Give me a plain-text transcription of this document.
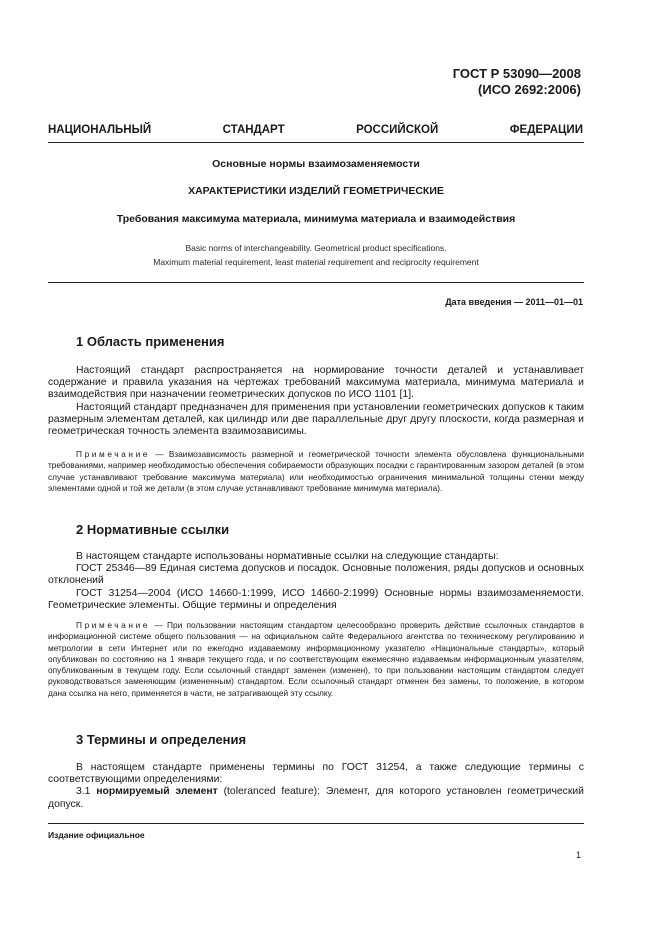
ГОСТ Р 53090—2008
(ИСО 2692:2006)
НАЦИОНАЛЬНЫЙ	СТАНДАРТ	РОССИЙСКОЙ	ФЕДЕРАЦИИ
Основные нормы взаимозаменяемости
ХАРАКТЕРИСТИКИ ИЗДЕЛИЙ ГЕОМЕТРИЧЕСКИЕ
Требования максимума материала, минимума материала и взаимодействия
Basic norms of interchangeability. Geometrical product specifications.
Maximum material requirement, least material requirement and reciprocity requirement
Дата введения — 2011—01—01
1 Область применения

Настоящий стандарт распространяется на нормирование точности деталей и устанавливает содержание и правила указания на чертежах требований максимума материала, минимума материала и взаимодействия при назначении геометрических допусков по ИСО 1101 [1].

Настоящий стандарт предназначен для применения при установлении геометрических допусков к таким размерным элементам деталей, как цилиндр или две параллельные друг другу плоскости, когда размерная и геометрическая точность элемента взаимозависимы.

Примечание — Взаимозависимость размерной и геометрической точности элемента обусловлена функциональными требованиями, например необходимостью обеспечения собираемости образующих посадки с гарантированным зазором деталей (в этом случае устанавливают требование максимума материала) или необходимостью ограничения минимальной толщины стенки между элементами одной и той же детали (в этом случае устанавливают требование минимума материала).

2 Нормативные ссылки

В настоящем стандарте использованы нормативные ссылки на следующие стандарты:

ГОСТ 25346—89 Единая система допусков и посадок. Основные положения, ряды допусков и основных отклонений

ГОСТ 31254—2004 (ИСО 14660-1:1999, ИСО 14660-2:1999) Основные нормы взаимозаменяемости. Геометрические элементы. Общие термины и определения

Примечание — При пользовании настоящим стандартом целесообразно проверить действие ссылочных стандартов в информационной системе общего пользования — на официальном сайте Федерального агентства по техническому регулированию и метрологии в сети Интернет или по ежегодно издаваемому информационному указателю «Национальные стандарты», который опубликован по состоянию на 1 января текущего года, и по соответствующим ежемесячно издаваемым информационным указателям, опубликованным в текущем году. Если ссылочный стандарт заменен (изменен), то при пользовании настоящим стандартом следует руководствоваться заменяющим (измененным) стандартом. Если ссылочный стандарт отменен без замены, то положение, в котором дана ссылка на него, применяется в части, не затрагивающей эту ссылку.

3 Термины и определения

В настоящем стандарте применены термины по ГОСТ 31254, а также следующие термины с соответствующими определениями:

3.1 нормируемый элемент (toleranced feature): Элемент, для которого установлен геометрический допуск.

Издание официальное
1
